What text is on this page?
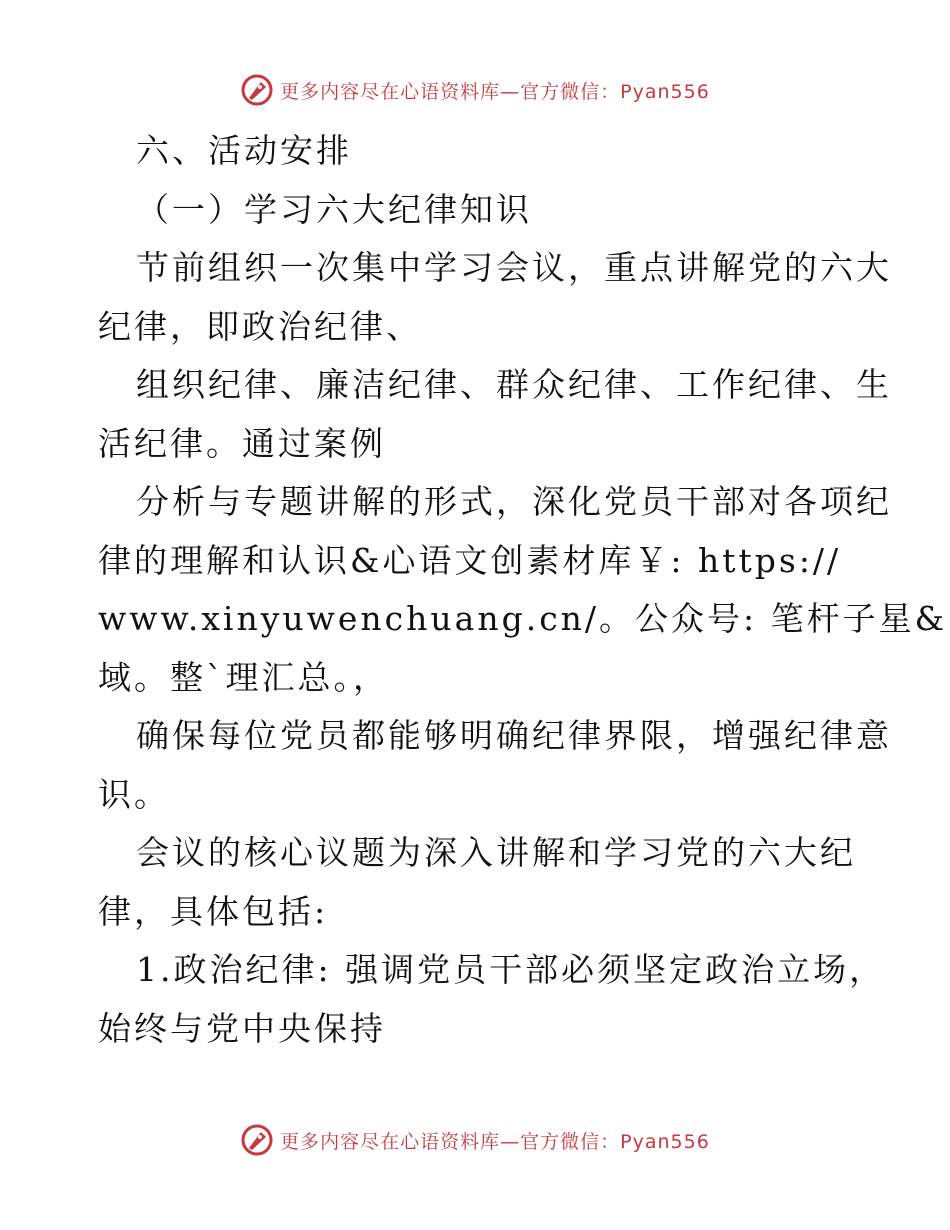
更多内容尽在心语资料库—官方微信：Pyan556
六、活动安排
（一）学习六大纪律知识
节前组织一次集中学习会议，重点讲解党的六大
纪律，即政治纪律、
组织纪律、廉洁纪律、群众纪律、工作纪律、生
活纪律。通过案例
分析与专题讲解的形式，深化党员干部对各项纪
律的理解和认识&心语文创素材库￥: https://
www.xinyuwenchuang.cn/。公众号: 笔杆子星&
域。整`理汇总。，
确保每位党员都能够明确纪律界限，增强纪律意
识。
会议的核心议题为深入讲解和学习党的六大纪
律，具体包括:
1.政治纪律: 强调党员干部必须坚定政治立场，
始终与党中央保持
更多内容尽在心语资料库—官方微信：Pyan556
